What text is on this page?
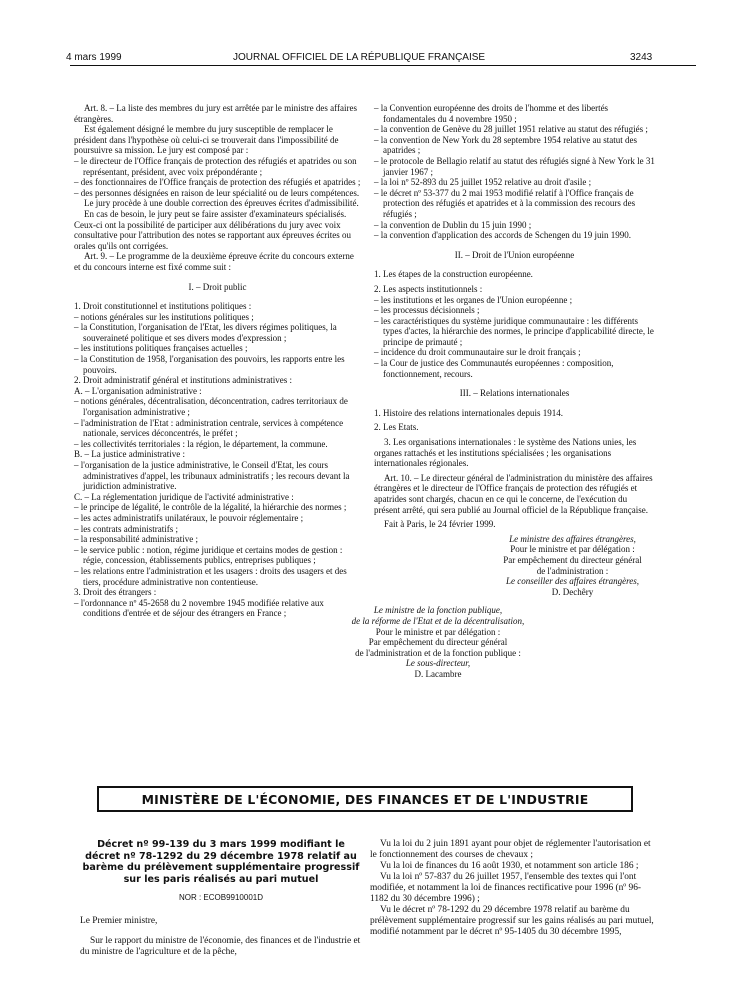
4 mars 1999	JOURNAL OFFICIEL DE LA RÉPUBLIQUE FRANÇAISE	3243

Art. 8. – La liste des membres du jury est arrêtée par le ministre des affaires étrangères.

Est également désigné le membre du jury susceptible de remplacer le président dans l'hypothèse où celui-ci se trouverait dans l'impossibilité de poursuivre sa mission. Le jury est composé par :

– le directeur de l'Office français de protection des réfugiés et apatrides ou son représentant, président, avec voix prépondérante ;

– des fonctionnaires de l'Office français de protection des réfugiés et apatrides ;

– des personnes désignées en raison de leur spécialité ou de leurs compétences.

Le jury procède à une double correction des épreuves écrites d'admissibilité.

En cas de besoin, le jury peut se faire assister d'examinateurs spécialisés. Ceux-ci ont la possibilité de participer aux délibérations du jury avec voix consultative pour l'attribution des notes se rapportant aux épreuves écrites ou orales qu'ils ont corrigées.

Art. 9. – Le programme de la deuxième épreuve écrite du concours externe et du concours interne est fixé comme suit :

I. – Droit public

1. Droit constitutionnel et institutions politiques :

– notions générales sur les institutions politiques ;

– la Constitution, l'organisation de l'Etat, les divers régimes politiques, la souveraineté politique et ses divers modes d'expression ;

– les institutions politiques françaises actuelles ;

– la Constitution de 1958, l'organisation des pouvoirs, les rapports entre les pouvoirs.

2. Droit administratif général et institutions administratives :

A. – L'organisation administrative :

– notions générales, décentralisation, déconcentration, cadres territoriaux de l'organisation administrative ;

– l'administration de l'Etat : administration centrale, services à compétence nationale, services déconcentrés, le préfet ;

– les collectivités territoriales : la région, le département, la commune.

B. – La justice administrative :

– l'organisation de la justice administrative, le Conseil d'Etat, les cours administratives d'appel, les tribunaux administratifs ; les recours devant la juridiction administrative.

C. – La réglementation juridique de l'activité administrative :

– le principe de légalité, le contrôle de la légalité, la hiérarchie des normes ;

– les actes administratifs unilatéraux, le pouvoir réglementaire ;

– les contrats administratifs ;

– la responsabilité administrative ;

– le service public : notion, régime juridique et certains modes de gestion : régie, concession, établissements publics, entreprises publiques ;

– les relations entre l'administration et les usagers : droits des usagers et des tiers, procédure administrative non contentieuse.

3. Droit des étrangers :

– l'ordonnance nº 45-2658 du 2 novembre 1945 modifiée relative aux conditions d'entrée et de séjour des étrangers en France ;

– la Convention européenne des droits de l'homme et des libertés fondamentales du 4 novembre 1950 ;

– la convention de Genève du 28 juillet 1951 relative au statut des réfugiés ;

– la convention de New York du 28 septembre 1954 relative au statut des apatrides ;

– le protocole de Bellagio relatif au statut des réfugiés signé à New York le 31 janvier 1967 ;

– la loi nº 52-893 du 25 juillet 1952 relative au droit d'asile ;

– le décret nº 53-377 du 2 mai 1953 modifié relatif à l'Office français de protection des réfugiés et apatrides et à la commission des recours des réfugiés ;

– la convention de Dublin du 15 juin 1990 ;

– la convention d'application des accords de Schengen du 19 juin 1990.

II. – Droit de l'Union européenne

1. Les étapes de la construction européenne.

2. Les aspects institutionnels :

– les institutions et les organes de l'Union européenne ;

– les processus décisionnels ;

– les caractéristiques du système juridique communautaire : les différents types d'actes, la hiérarchie des normes, le principe d'applicabilité directe, le principe de primauté ;

– incidence du droit communautaire sur le droit français ;

– la Cour de justice des Communautés européennes : composition, fonctionnement, recours.

III. – Relations internationales

1. Histoire des relations internationales depuis 1914.

2. Les Etats.

3. Les organisations internationales : le système des Nations unies, les organes rattachés et les institutions spécialisées ; les organisations internationales régionales.

Art. 10. – Le directeur général de l'administration du ministère des affaires étrangères et le directeur de l'Office français de protection des réfugiés et apatrides sont chargés, chacun en ce qui le concerne, de l'exécution du présent arrêté, qui sera publié au Journal officiel de la République française.

Fait à Paris, le 24 février 1999.

Le ministre des affaires étrangères,

Pour le ministre et par délégation :

Par empêchement du directeur général

de l'administration :

Le conseiller des affaires étrangères,

D. Dechêry

Le ministre de la fonction publique,

de la réforme de l'Etat et de la décentralisation,

Pour le ministre et par délégation :

Par empêchement du directeur général

de l'administration et de la fonction publique :

Le sous-directeur,

D. Lacambre

MINISTÈRE DE L'ÉCONOMIE, DES FINANCES ET DE L'INDUSTRIE

Décret nº 99-139 du 3 mars 1999 modifiant le décret nº 78-1292 du 29 décembre 1978 relatif au barème du prélèvement supplémentaire progressif sur les paris réalisés au pari mutuel

NOR : ECOB9910001D

Le Premier ministre,

Sur le rapport du ministre de l'économie, des finances et de l'industrie et du ministre de l'agriculture et de la pêche,

Vu la loi du 2 juin 1891 ayant pour objet de réglementer l'autorisation et le fonctionnement des courses de chevaux ;

Vu la loi de finances du 16 août 1930, et notamment son article 186 ;

Vu la loi nº 57-837 du 26 juillet 1957, l'ensemble des textes qui l'ont modifiée, et notamment la loi de finances rectificative pour 1996 (nº 96-1182 du 30 décembre 1996) ;

Vu le décret nº 78-1292 du 29 décembre 1978 relatif au barème du prélèvement supplémentaire progressif sur les gains réalisés au pari mutuel, modifié notamment par le décret nº 95-1405 du 30 décembre 1995,
